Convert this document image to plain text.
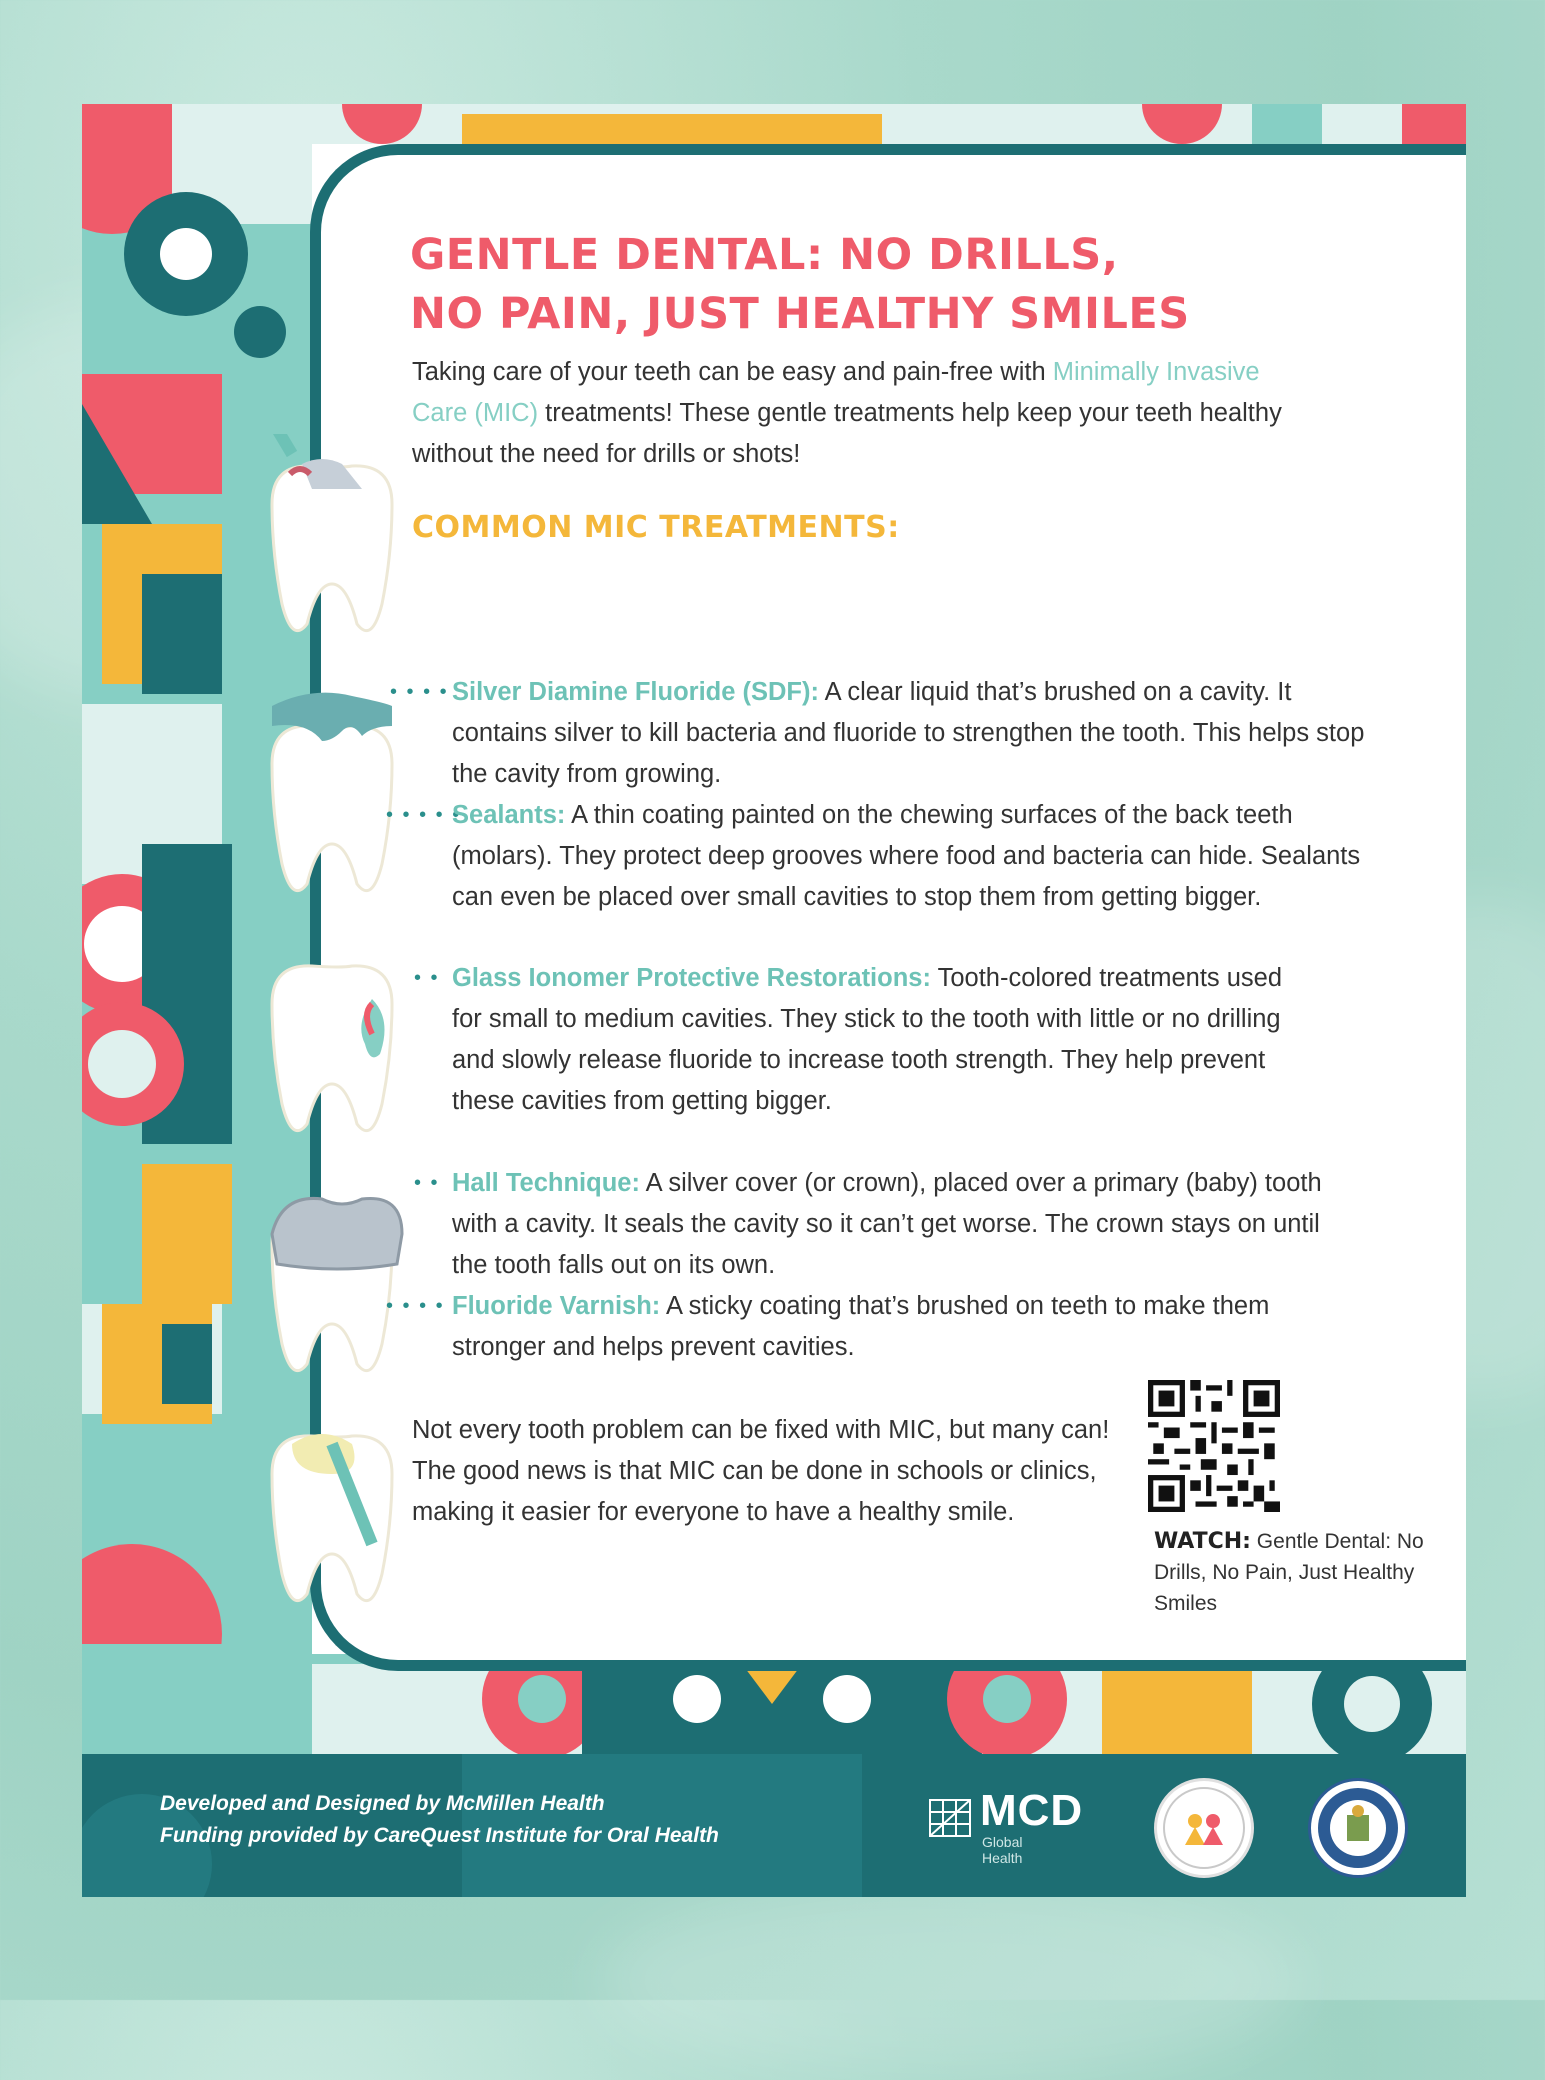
GENTLE DENTAL: NO DRILLS,
NO PAIN, JUST HEALTHY SMILES

Taking care of your teeth can be easy and pain-free with Minimally Invasive Care (MIC) treatments! These gentle treatments help keep your teeth healthy without the need for drills or shots!

COMMON MIC TREATMENTS:
• • • • Silver Diamine Fluoride (SDF): A clear liquid that’s brushed on a cavity. It contains silver to kill bacteria and fluoride to strengthen the tooth. This helps stop the cavity from growing.

• • • • •

Sealants: A thin coating painted on the chewing surfaces of the back teeth (molars). They protect deep grooves where food and bacteria can hide. Sealants can even be placed over small cavities to stop them from getting bigger.

• • Glass Ionomer Protective Restorations: Tooth-colored treatments used for small to medium cavities. They stick to the tooth with little or no drilling and slowly release fluoride to increase tooth strength. They help prevent these cavities from getting bigger.

• • Hall Technique: A silver cover (or crown), placed over a primary (baby) tooth with a cavity. It seals the cavity so it can’t get worse. The crown stays on until the tooth falls out on its own.

• • • • Fluoride Varnish: A sticky coating that’s brushed on teeth to make them stronger and helps prevent cavities.

Not every tooth problem can be fixed with MIC, but many can! The good news is that MIC can be done in schools or clinics, making it easier for everyone to have a healthy smile.

WATCH: Gentle Dental: No Drills, No Pain, Just Healthy Smiles

Developed and Designed by McMillen Health

Funding provided by CareQuest Institute for Oral Health

MCD
Global Health
